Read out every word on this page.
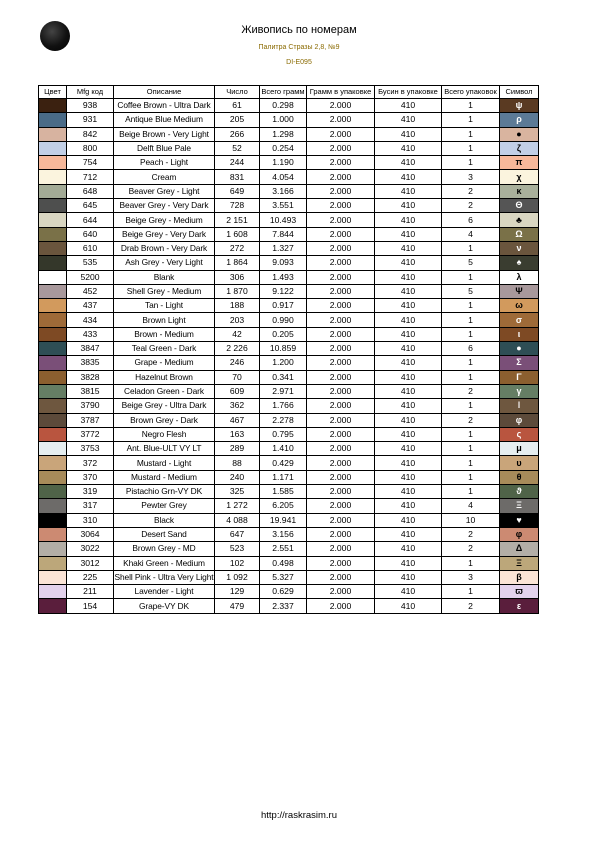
Живопись по номерам
Палитра Стразы 2,8, №9
DI-E095
Цвет	Mfg код	Описание	Число	Всего грамм	Грамм в упаковке	Бусин в упаковке	Всего упаковок	Символ
	938	Coffee Brown - Ultra Dark	61	0.298	2.000	410	1	ψ
	931	Antique Blue Medium	205	1.000	2.000	410	1	ρ
	842	Beige Brown - Very Light	266	1.298	2.000	410	1	●
	800	Delft Blue Pale	52	0.254	2.000	410	1	ζ
	754	Peach - Light	244	1.190	2.000	410	1	π
	712	Cream	831	4.054	2.000	410	3	χ
	648	Beaver Grey - Light	649	3.166	2.000	410	2	κ
	645	Beaver Grey - Very Dark	728	3.551	2.000	410	2	Θ
	644	Beige Grey - Medium	2 151	10.493	2.000	410	6	♣
	640	Beige Grey - Very Dark	1 608	7.844	2.000	410	4	Ω
	610	Drab Brown - Very Dark	272	1.327	2.000	410	1	ν
	535	Ash Grey - Very Light	1 864	9.093	2.000	410	5	♠
	5200	Blank	306	1.493	2.000	410	1	λ
	452	Shell Grey - Medium	1 870	9.122	2.000	410	5	Ψ
	437	Tan - Light	188	0.917	2.000	410	1	ω
	434	Brown Light	203	0.990	2.000	410	1	σ
	433	Brown - Medium	42	0.205	2.000	410	1	ι
	3847	Teal Green - Dark	2 226	10.859	2.000	410	6	●
	3835	Grape - Medium	246	1.200	2.000	410	1	Σ
	3828	Hazelnut Brown	70	0.341	2.000	410	1	Γ
	3815	Celadon Green - Dark	609	2.971	2.000	410	2	γ
	3790	Beige Grey - Ultra Dark	362	1.766	2.000	410	1	ǀ
	3787	Brown Grey - Dark	467	2.278	2.000	410	2	φ
	3772	Negro Flesh	163	0.795	2.000	410	1	ς
	3753	Ant. Blue-ULT VY LT	289	1.410	2.000	410	1	μ
	372	Mustard - Light	88	0.429	2.000	410	1	υ
	370	Mustard - Medium	240	1.171	2.000	410	1	θ
	319	Pistachio Grn-VY DK	325	1.585	2.000	410	1	ϑ
	317	Pewter Grey	1 272	6.205	2.000	410	4	Ξ
	310	Black	4 088	19.941	2.000	410	10	♥
	3064	Desert Sand	647	3.156	2.000	410	2	φ
	3022	Brown Grey - MD	523	2.551	2.000	410	2	Δ
	3012	Khaki Green - Medium	102	0.498	2.000	410	1	Ξ
	225	Shell Pink - Ultra Very Light	1 092	5.327	2.000	410	3	β
	211	Lavender - Light	129	0.629	2.000	410	1	ϖ
	154	Grape-VY DK	479	2.337	2.000	410	2	ε
http://raskrasim.ru
